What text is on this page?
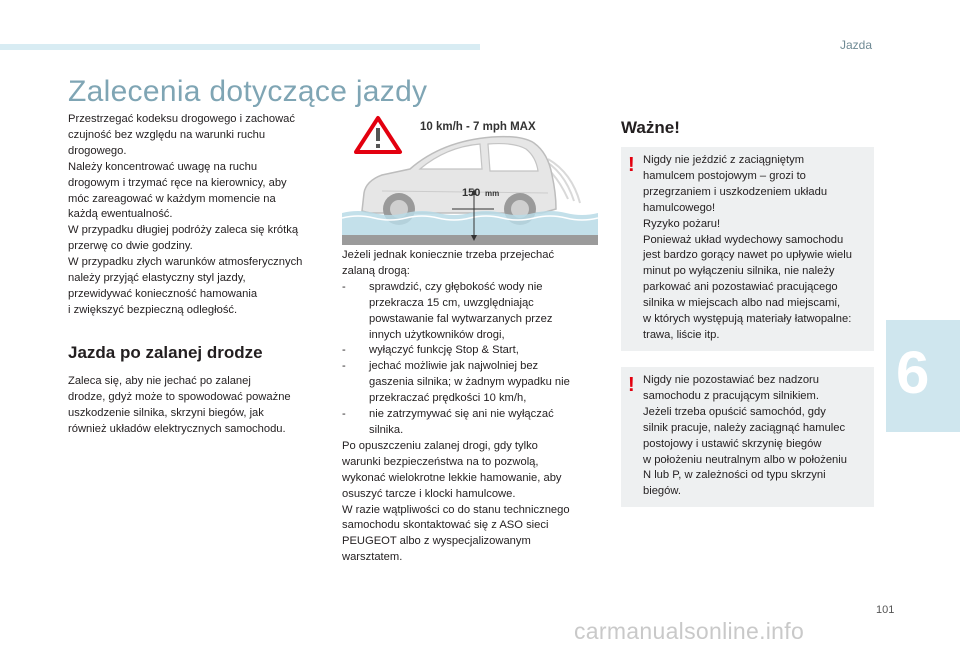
Jazda
6
Zalecenia dotyczące jazdy

Przestrzegać kodeksu drogowego i zachować
czujność bez względu na warunki ruchu
drogowego.
Należy koncentrować uwagę na ruchu
drogowym i trzymać ręce na kierownicy, aby
móc zareagować w każdym momencie na
każdą ewentualność.
W przypadku długiej podróży zaleca się krótką
przerwę co dwie godziny.
W przypadku złych warunków atmosferycznych
należy przyjąć elastyczny styl jazdy,
przewidywać konieczność hamowania
i zwiększyć bezpieczną odległość.

Jazda po zalanej drodze

Zaleca się, aby nie jechać po zalanej
drodze, gdyż może to spowodować poważne
uszkodzenie silnika, skrzyni biegów, jak
również układów elektrycznych samochodu.

10 km/h - 7 mph MAX
150 mm

Jeżeli jednak koniecznie trzeba przejechać
zalaną drogą:

-	sprawdzić, czy głębokość wody nie
przekracza 15 cm, uwzględniając
powstawanie fal wytwarzanych przez
innych użytkowników drogi,
-	wyłączyć funkcję Stop & Start,
-	jechać możliwie jak najwolniej bez
gaszenia silnika; w żadnym wypadku nie
przekraczać prędkości 10 km/h,
-	nie zatrzymywać się ani nie wyłączać
silnika.

Po opuszczeniu zalanej drogi, gdy tylko
warunki bezpieczeństwa na to pozwolą,
wykonać wielokrotne lekkie hamowanie, aby
osuszyć tarcze i klocki hamulcowe.
W razie wątpliwości co do stanu technicznego
samochodu skontaktować się z ASO sieci
PEUGEOT albo z wyspecjalizowanym
warsztatem.

Ważne!
! Nigdy nie jeździć z zaciągniętym
hamulcem postojowym – grozi to
przegrzaniem i uszkodzeniem układu
hamulcowego!
Ryzyko pożaru!
Ponieważ układ wydechowy samochodu
jest bardzo gorący nawet po upływie wielu
minut po wyłączeniu silnika, nie należy
parkować ani pozostawiać pracującego
silnika w miejscach albo nad miejscami,
w których występują materiały łatwopalne:
trawa, liście itp.

! Nigdy nie pozostawiać bez nadzoru
samochodu z pracującym silnikiem.
Jeżeli trzeba opuścić samochód, gdy
silnik pracuje, należy zaciągnąć hamulec
postojowy i ustawić skrzynię biegów
w położeniu neutralnym albo w położeniu
N lub P, w zależności od typu skrzyni
biegów.

101
carmanualsonline.info
